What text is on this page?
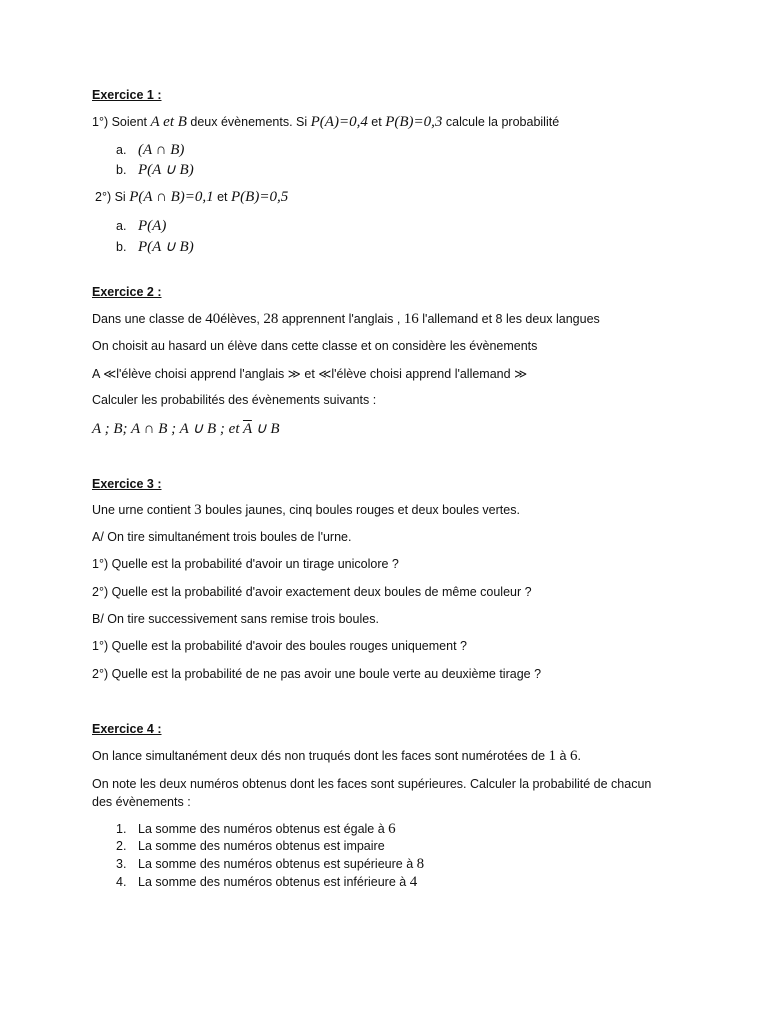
Exercice 1 :
1°) Soient A et B deux évènements. Si P(A)=0,4 et P(B)=0,3 calcule la probabilité
a. (A ∩ B)
b. P(A ∪ B)
2°) Si P(A ∩ B)=0,1 et P(B)=0,5
a. P(A)
b. P(A ∪ B)
Exercice 2 :
Dans une classe de 40élèves, 28 apprennent l'anglais , 16 l'allemand et 8 les deux langues
On choisit au hasard un élève dans cette classe et on considère les évènements
A ≪l'élève choisi apprend l'anglais ≫ et ≪l'élève choisi apprend l'allemand ≫
Calculer les probabilités des évènements suivants :
A ; B; A ∩ B ; A ∪ B ; et $\overline{A}$ ∪ B
Exercice 3 :
Une urne contient 3 boules jaunes, cinq boules rouges et deux boules vertes.
A/ On tire simultanément trois boules de l'urne.
1°) Quelle est la probabilité d'avoir un tirage unicolore ?
2°) Quelle est la probabilité d'avoir exactement deux boules de même couleur ?
B/ On tire successivement sans remise trois boules.
1°) Quelle est la probabilité d'avoir des boules rouges uniquement ?
2°) Quelle est la probabilité de ne pas avoir une boule verte au deuxième tirage ?
Exercice 4 :
On lance simultanément deux dés non truqués dont les faces sont numérotées de 1 à 6.
On note les deux numéros obtenus dont les faces sont supérieures. Calculer la probabilité de chacun
des évènements :
1. La somme des numéros obtenus est égale à 6
2. La somme des numéros obtenus est impaire
3. La somme des numéros obtenus est supérieure à 8
4. La somme des numéros obtenus est inférieure à 4
